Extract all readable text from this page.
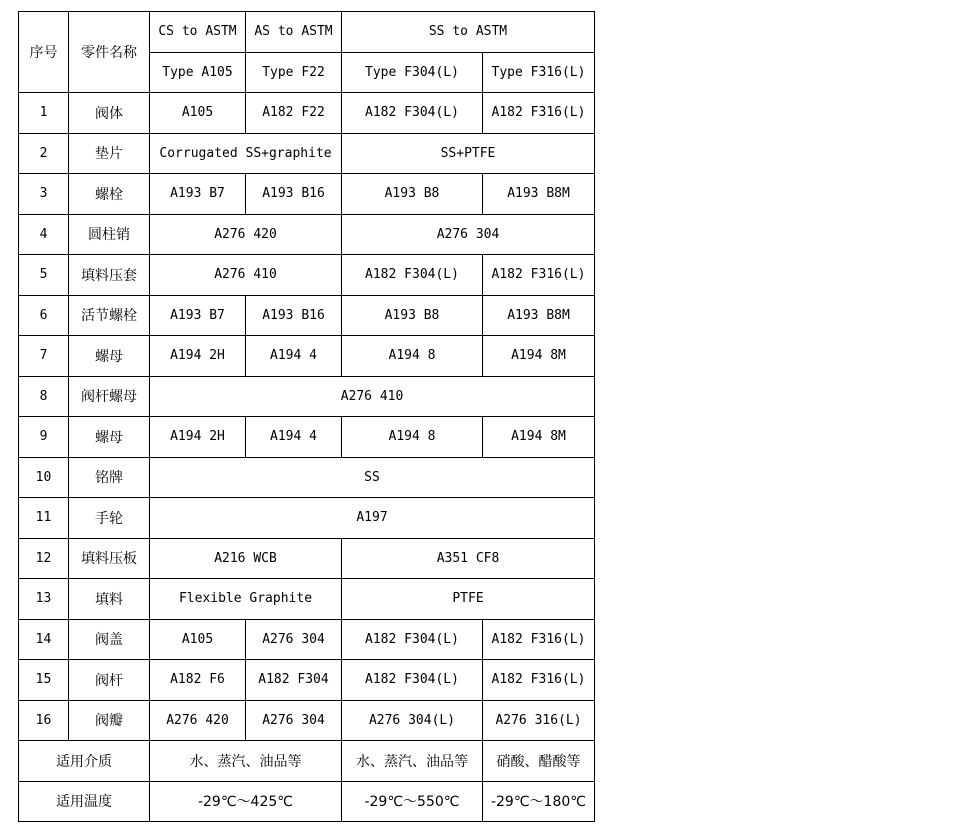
序号	零件名称	CS to ASTM	AS to ASTM	SS to ASTM	
		Type A105	Type F22	Type F304(L)	Type F316(L)
1	阀体	A105	A182 F22	A182 F304(L)	A182 F316(L)
2	垫片	Corrugated SS+graphite		SS+PTFE	
3	螺栓	A193 B7	A193 B16	A193 B8	A193 B8M
4	圆柱销	A276 420		A276 304	
5	填料压套	A276 410		A182 F304(L)	A182 F316(L)
6	活节螺栓	A193 B7	A193 B16	A193 B8	A193 B8M
7	螺母	A194 2H	A194 4	A194 8	A194 8M
8	阀杆螺母	A276 410			
9	螺母	A194 2H	A194 4	A194 8	A194 8M
10	铭牌	SS			
11	手轮	A197			
12	填料压板	A216 WCB		A351 CF8	
13	填料	Flexible Graphite		PTFE	
14	阀盖	A105	A276 304	A182 F304(L)	A182 F316(L)
15	阀杆	A182 F6	A182 F304	A182 F304(L)	A182 F316(L)
16	阀瓣	A276 420	A276 304	A276 304(L)	A276 316(L)
适用介质		水、蒸汽、油品等		水、蒸汽、油品等	硝酸、醋酸等
适用温度		-29℃～425℃		-29℃～550℃	-29℃～180℃
